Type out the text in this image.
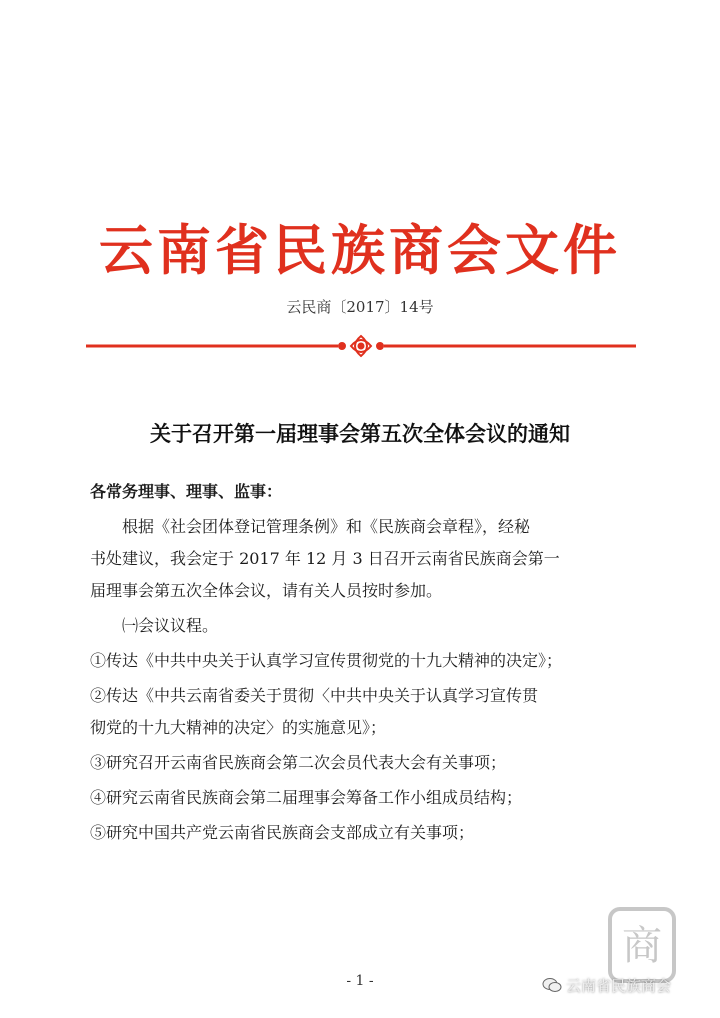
云南省民族商会文件
云民商〔2017〕14号
关于召开第一届理事会第五次全体会议的通知

各常务理事、理事、监事：

根据《社会团体登记管理条例》和《民族商会章程》，经秘

书处建议，我会定于 2017 年 12 月 3 日召开云南省民族商会第一

届理事会第五次全体会议，请有关人员按时参加。

㈠会议议程。

①传达《中共中央关于认真学习宣传贯彻党的十九大精神的决定》；

②传达《中共云南省委关于贯彻〈中共中央关于认真学习宣传贯

彻党的十九大精神的决定〉的实施意见》；

③研究召开云南省民族商会第二次会员代表大会有关事项；

④研究云南省民族商会第二届理事会筹备工作小组成员结构；

⑤研究中国共产党云南省民族商会支部成立有关事项；

商
- 1 -	云南省民族商会
